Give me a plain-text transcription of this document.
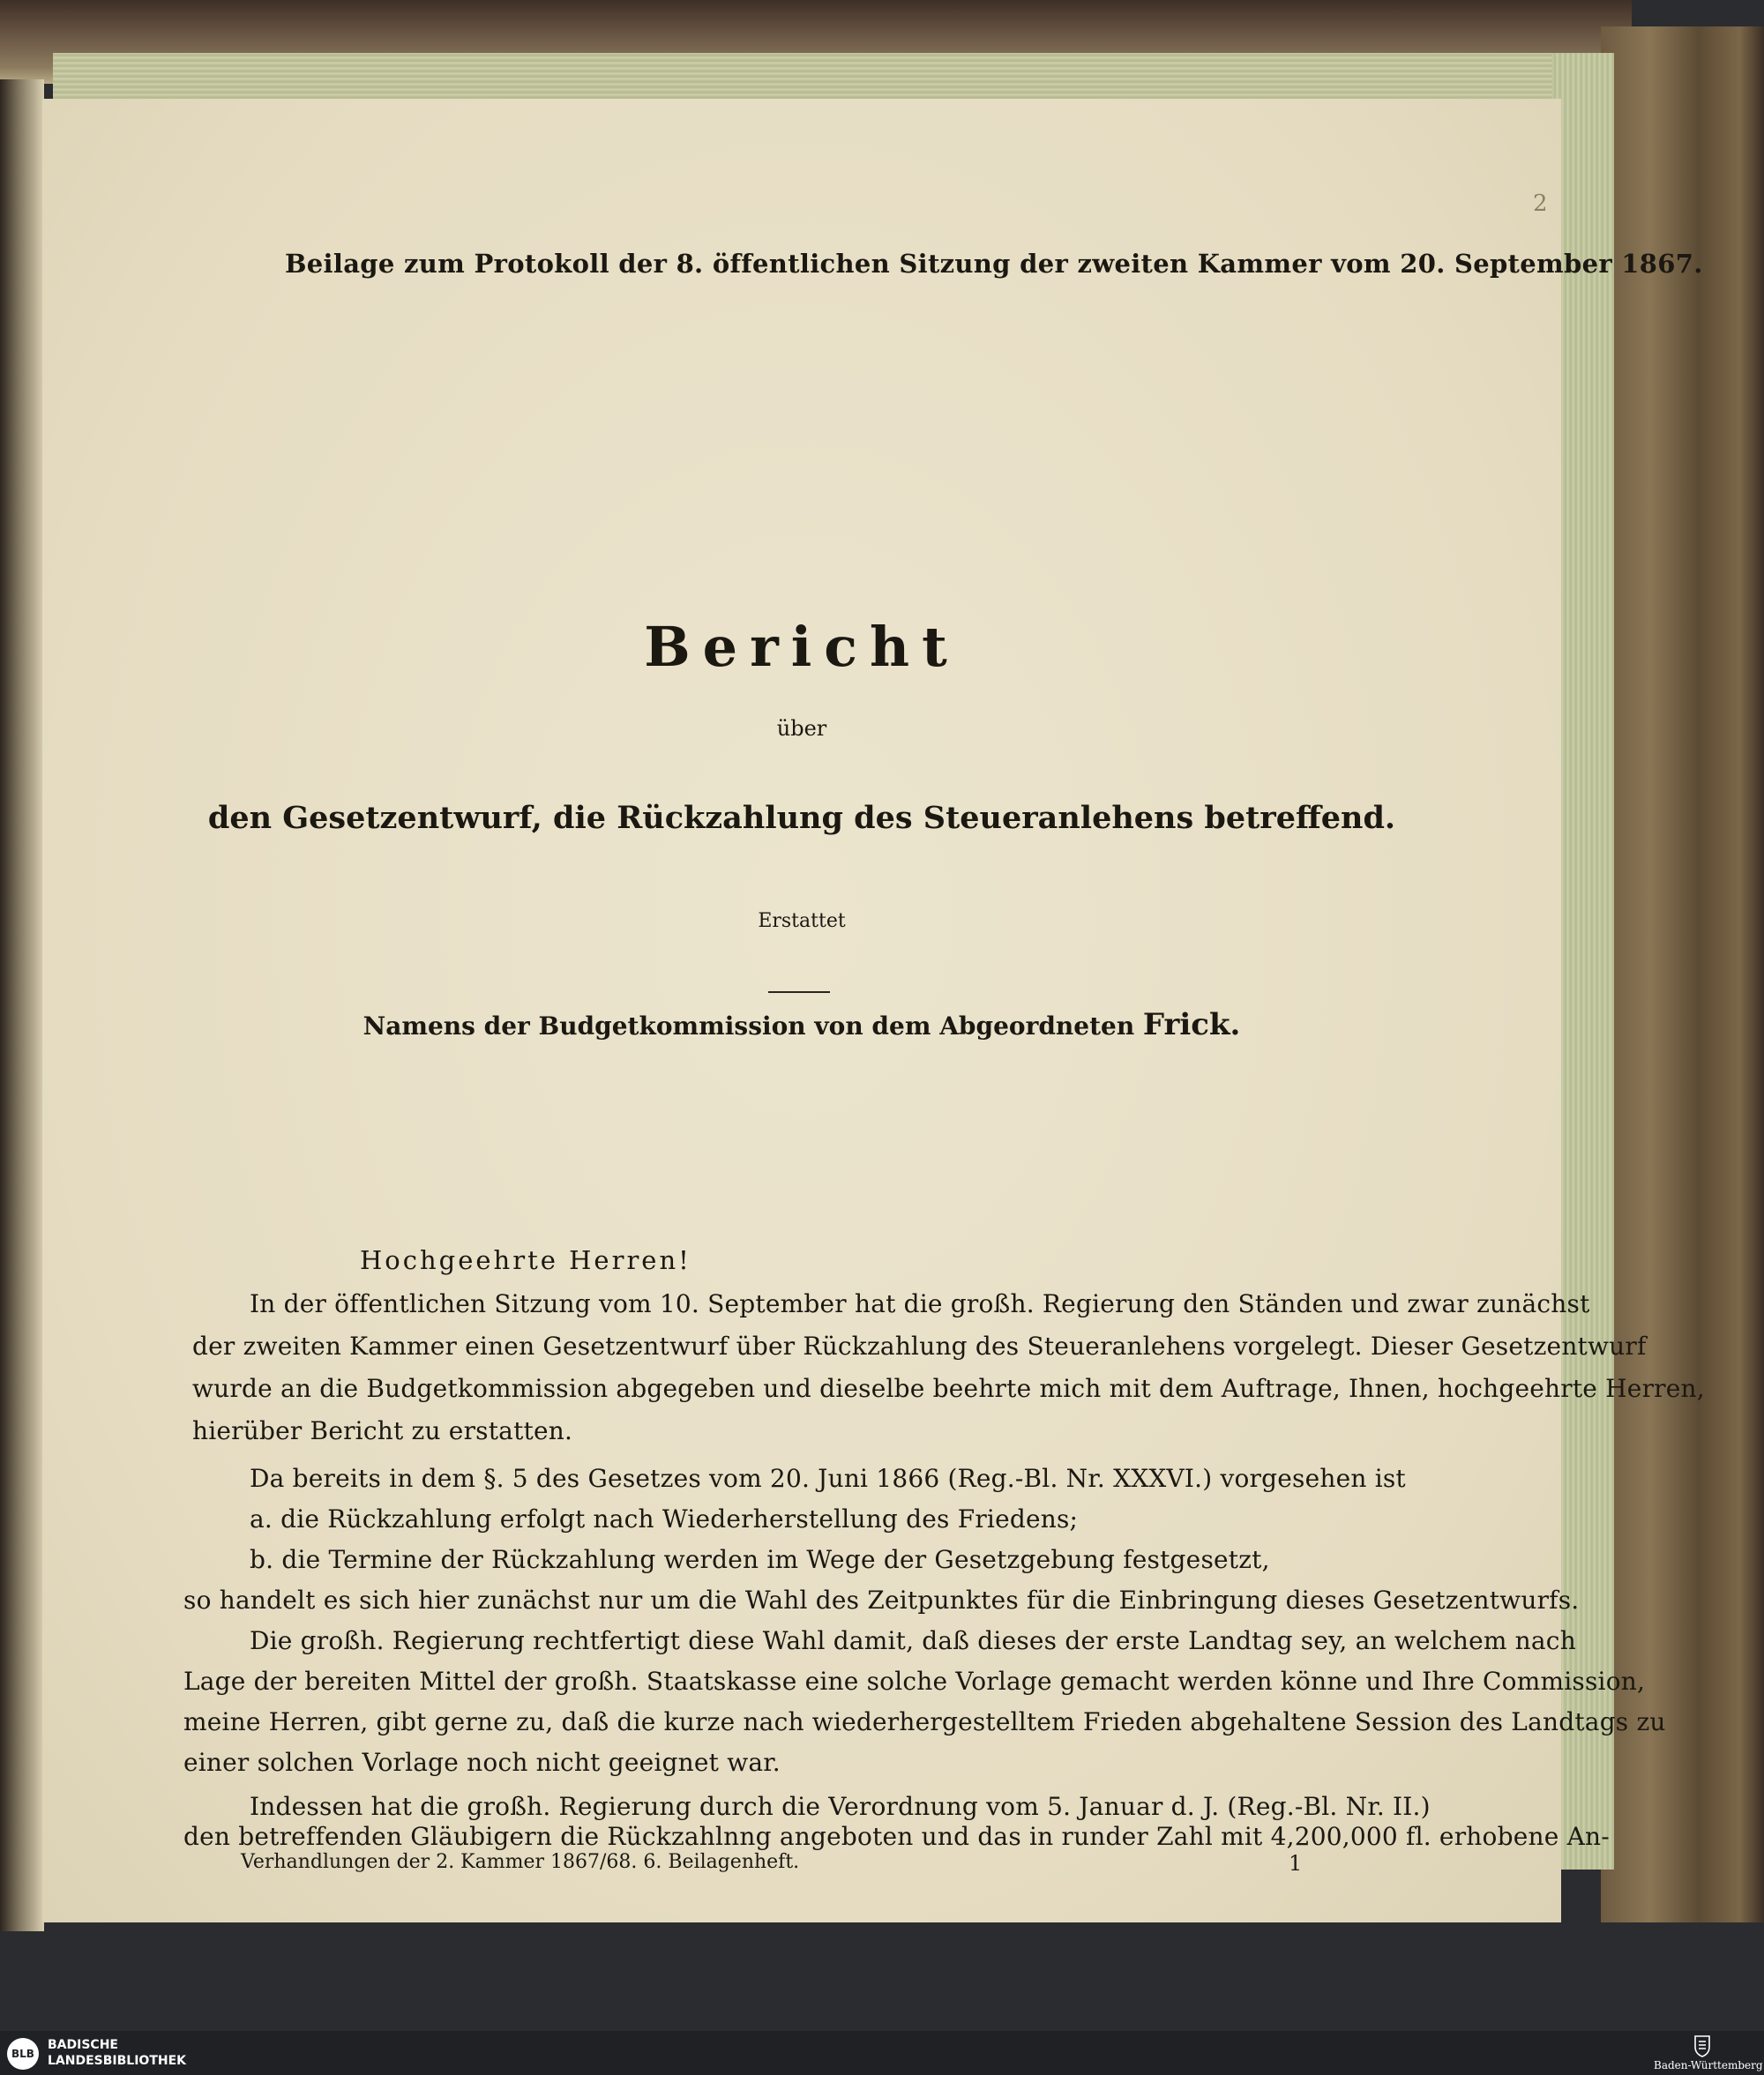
2
Beilage zum Protokoll der 8. öffentlichen Sitzung der zweiten Kammer vom 20. September 1867.
Bericht
über
den Gesetzentwurf, die Rückzahlung des Steueranlehens betreffend.
Erstattet
Namens der Budgetkommission von dem Abgeordneten Frick.
Hochgeehrte Herren!
In der öffentlichen Sitzung vom 10. September hat die großh. Regierung den Ständen und zwar zunächst
der zweiten Kammer einen Gesetzentwurf über Rückzahlung des Steueranlehens vorgelegt. Dieser Gesetzentwurf
wurde an die Budgetkommission abgegeben und dieselbe beehrte mich mit dem Auftrage, Ihnen, hochgeehrte Herren,
hierüber Bericht zu erstatten.
Da bereits in dem §. 5 des Gesetzes vom 20. Juni 1866 (Reg.-Bl. Nr. XXXVI.) vorgesehen ist
a. die Rückzahlung erfolgt nach Wiederherstellung des Friedens;
b. die Termine der Rückzahlung werden im Wege der Gesetzgebung festgesetzt,
so handelt es sich hier zunächst nur um die Wahl des Zeitpunktes für die Einbringung dieses Gesetzentwurfs.
Die großh. Regierung rechtfertigt diese Wahl damit, daß dieses der erste Landtag sey, an welchem nach
Lage der bereiten Mittel der großh. Staatskasse eine solche Vorlage gemacht werden könne und Ihre Commission,
meine Herren, gibt gerne zu, daß die kurze nach wiederhergestelltem Frieden abgehaltene Session des Landtags zu
einer solchen Vorlage noch nicht geeignet war.
Indessen hat die großh. Regierung durch die Verordnung vom 5. Januar d. J. (Reg.-Bl. Nr. II.)
den betreffenden Gläubigern die Rückzahlnng angeboten und das in runder Zahl mit 4,200,000 fl. erhobene An-
Verhandlungen der 2. Kammer 1867/68. 6. Beilagenheft.	1
BLB
BADISCHE
LANDESBIBLIOTHEK	Baden-Württemberg
